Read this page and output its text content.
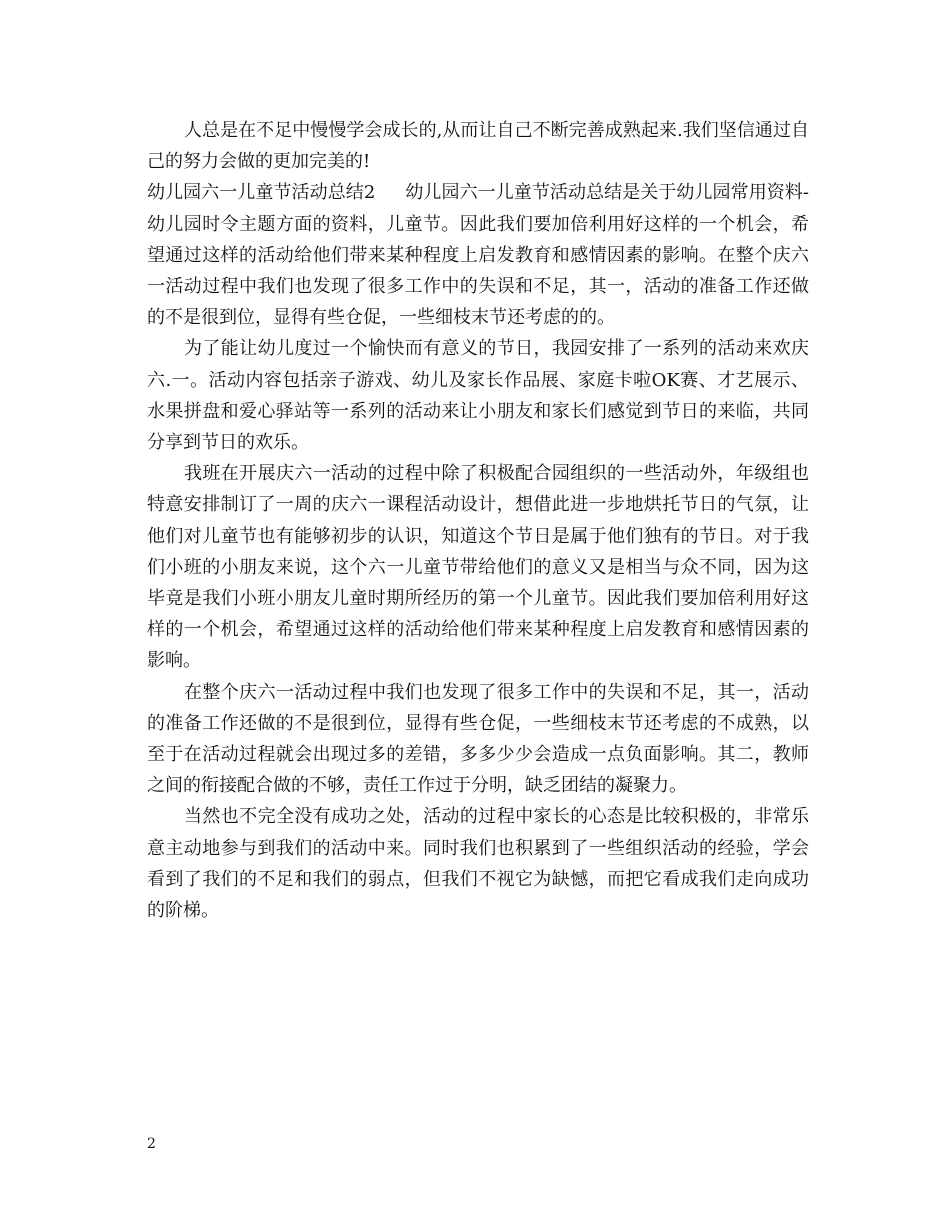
人总是在不足中慢慢学会成长的,从而让自己不断完善成熟起来.我们坚信通过自己的努力会做的更加完美的!

幼儿园六一儿童节活动总结2 幼儿园六一儿童节活动总结是关于幼儿园常用资料-幼儿园时令主题方面的资料，儿童节。因此我们要加倍利用好这样的一个机会，希望通过这样的活动给他们带来某种程度上启发教育和感情因素的影响。在整个庆六一活动过程中我们也发现了很多工作中的失误和不足，其一，活动的准备工作还做的不是很到位，显得有些仓促，一些细枝末节还考虑的的。

为了能让幼儿度过一个愉快而有意义的节日，我园安排了一系列的活动来欢庆六.一。活动内容包括亲子游戏、幼儿及家长作品展、家庭卡啦OK赛、才艺展示、水果拼盘和爱心驿站等一系列的活动来让小朋友和家长们感觉到节日的来临，共同分享到节日的欢乐。

我班在开展庆六一活动的过程中除了积极配合园组织的一些活动外，年级组也特意安排制订了一周的庆六一课程活动设计，想借此进一步地烘托节日的气氛，让他们对儿童节也有能够初步的认识，知道这个节日是属于他们独有的节日。对于我们小班的小朋友来说，这个六一儿童节带给他们的意义又是相当与众不同，因为这毕竟是我们小班小朋友儿童时期所经历的第一个儿童节。因此我们要加倍利用好这样的一个机会，希望通过这样的活动给他们带来某种程度上启发教育和感情因素的影响。

在整个庆六一活动过程中我们也发现了很多工作中的失误和不足，其一，活动的准备工作还做的不是很到位，显得有些仓促，一些细枝末节还考虑的不成熟，以至于在活动过程就会出现过多的差错，多多少少会造成一点负面影响。其二，教师之间的衔接配合做的不够，责任工作过于分明，缺乏团结的凝聚力。

当然也不完全没有成功之处，活动的过程中家长的心态是比较积极的，非常乐意主动地参与到我们的活动中来。同时我们也积累到了一些组织活动的经验，学会看到了我们的不足和我们的弱点，但我们不视它为缺憾，而把它看成我们走向成功的阶梯。

2
